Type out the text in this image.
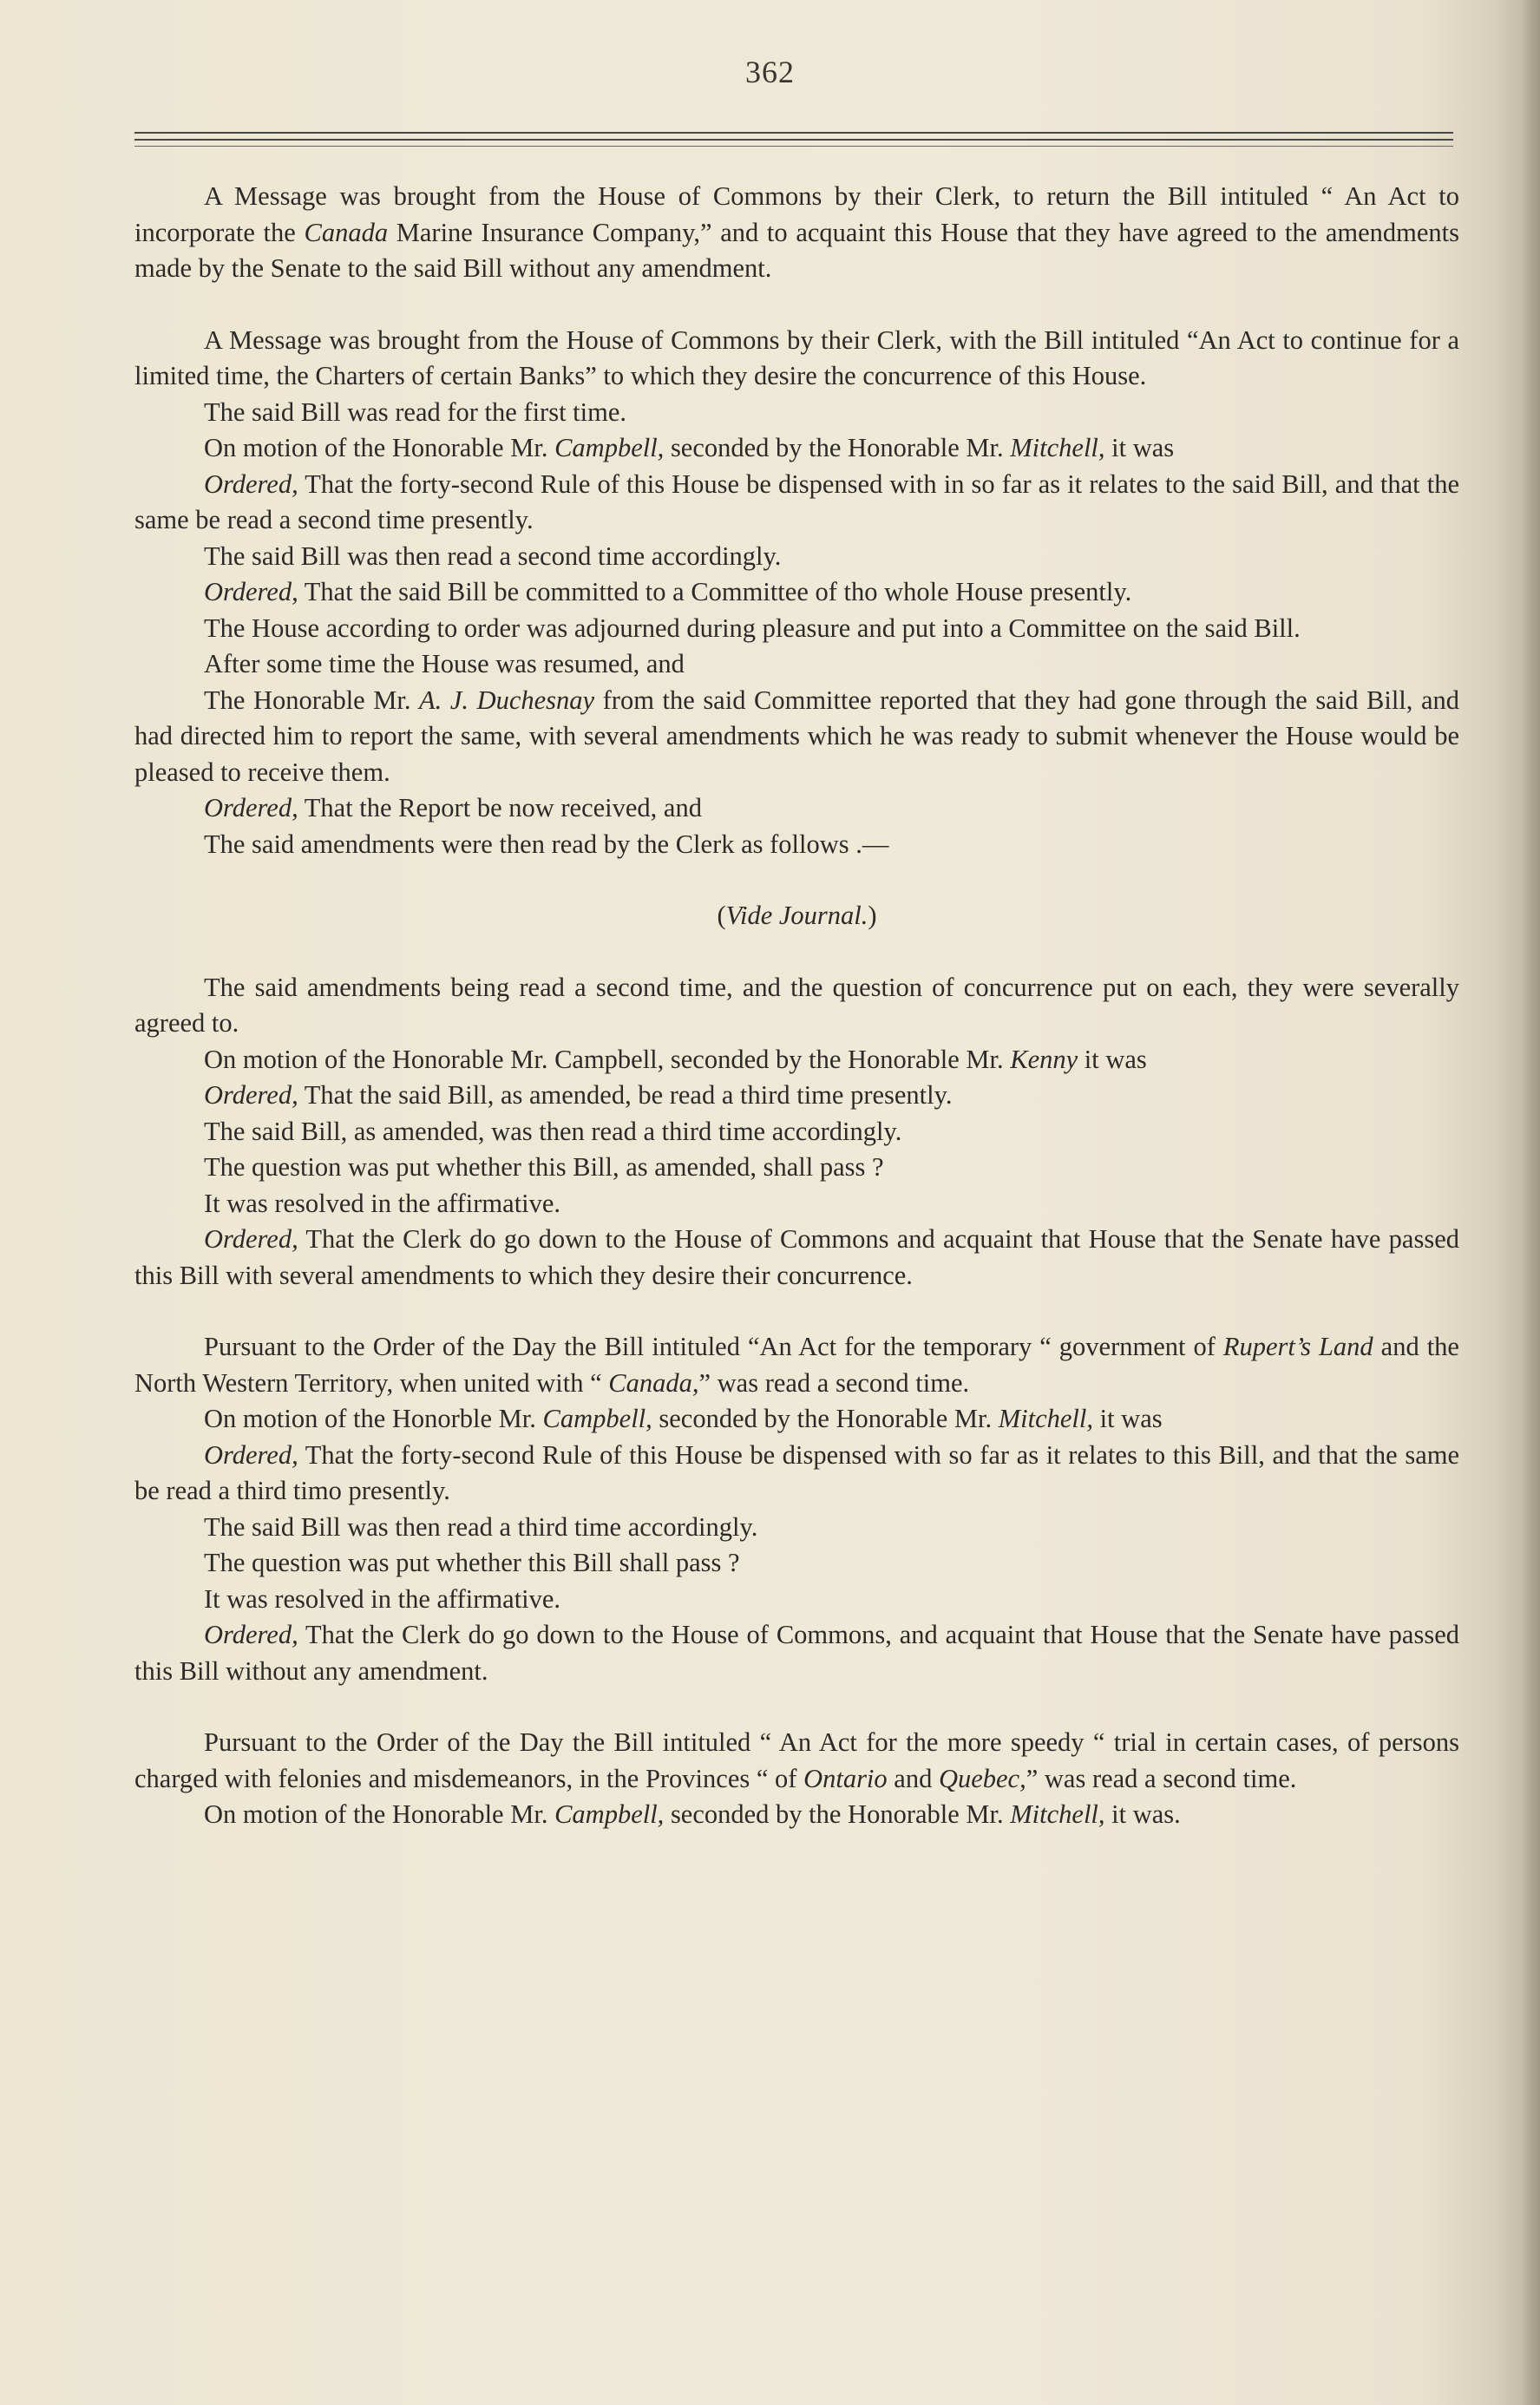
362

A Message was brought from the House of Commons by their Clerk, to return the Bill intituled “ An Act to incorporate the Canada Marine Insurance Company,” and to acquaint this House that they have agreed to the amendments made by the Senate to the said Bill without any amendment.

A Message was brought from the House of Commons by their Clerk, with the Bill intituled “An Act to continue for a limited time, the Charters of certain Banks” to which they desire the concurrence of this House.

The said Bill was read for the first time.

On motion of the Honorable Mr. Campbell, seconded by the Honorable Mr. Mitchell, it was

Ordered, That the forty-second Rule of this House be dispensed with in so far as it relates to the said Bill, and that the same be read a second time presently.

The said Bill was then read a second time accordingly.

Ordered, That the said Bill be committed to a Committee of tho whole House presently.

The House according to order was adjourned during pleasure and put into a Committee on the said Bill.

After some time the House was resumed, and

The Honorable Mr. A. J. Duchesnay from the said Committee reported that they had gone through the said Bill, and had directed him to report the same, with several amendments which he was ready to submit whenever the House would be pleased to receive them.

Ordered, That the Report be now received, and

The said amendments were then read by the Clerk as follows .—

(Vide Journal.)

The said amendments being read a second time, and the question of concurrence put on each, they were severally agreed to.

On motion of the Honorable Mr. Campbell, seconded by the Honorable Mr. Kenny it was

Ordered, That the said Bill, as amended, be read a third time presently.

The said Bill, as amended, was then read a third time accordingly.

The question was put whether this Bill, as amended, shall pass ?

It was resolved in the affirmative.

Ordered, That the Clerk do go down to the House of Commons and acquaint that House that the Senate have passed this Bill with several amendments to which they desire their concurrence.

Pursuant to the Order of the Day the Bill intituled “An Act for the temporary “ government of Rupert’s Land and the North Western Territory, when united with “ Canada,” was read a second time.

On motion of the Honorble Mr. Campbell, seconded by the Honorable Mr. Mitchell, it was

Ordered, That the forty-second Rule of this House be dispensed with so far as it relates to this Bill, and that the same be read a third timo presently.

The said Bill was then read a third time accordingly.

The question was put whether this Bill shall pass ?

It was resolved in the affirmative.

Ordered, That the Clerk do go down to the House of Commons, and acquaint that House that the Senate have passed this Bill without any amendment.

Pursuant to the Order of the Day the Bill intituled “ An Act for the more speedy “ trial in certain cases, of persons charged with felonies and misdemeanors, in the Provinces “ of Ontario and Quebec,” was read a second time.

On motion of the Honorable Mr. Campbell, seconded by the Honorable Mr. Mitchell, it was.
